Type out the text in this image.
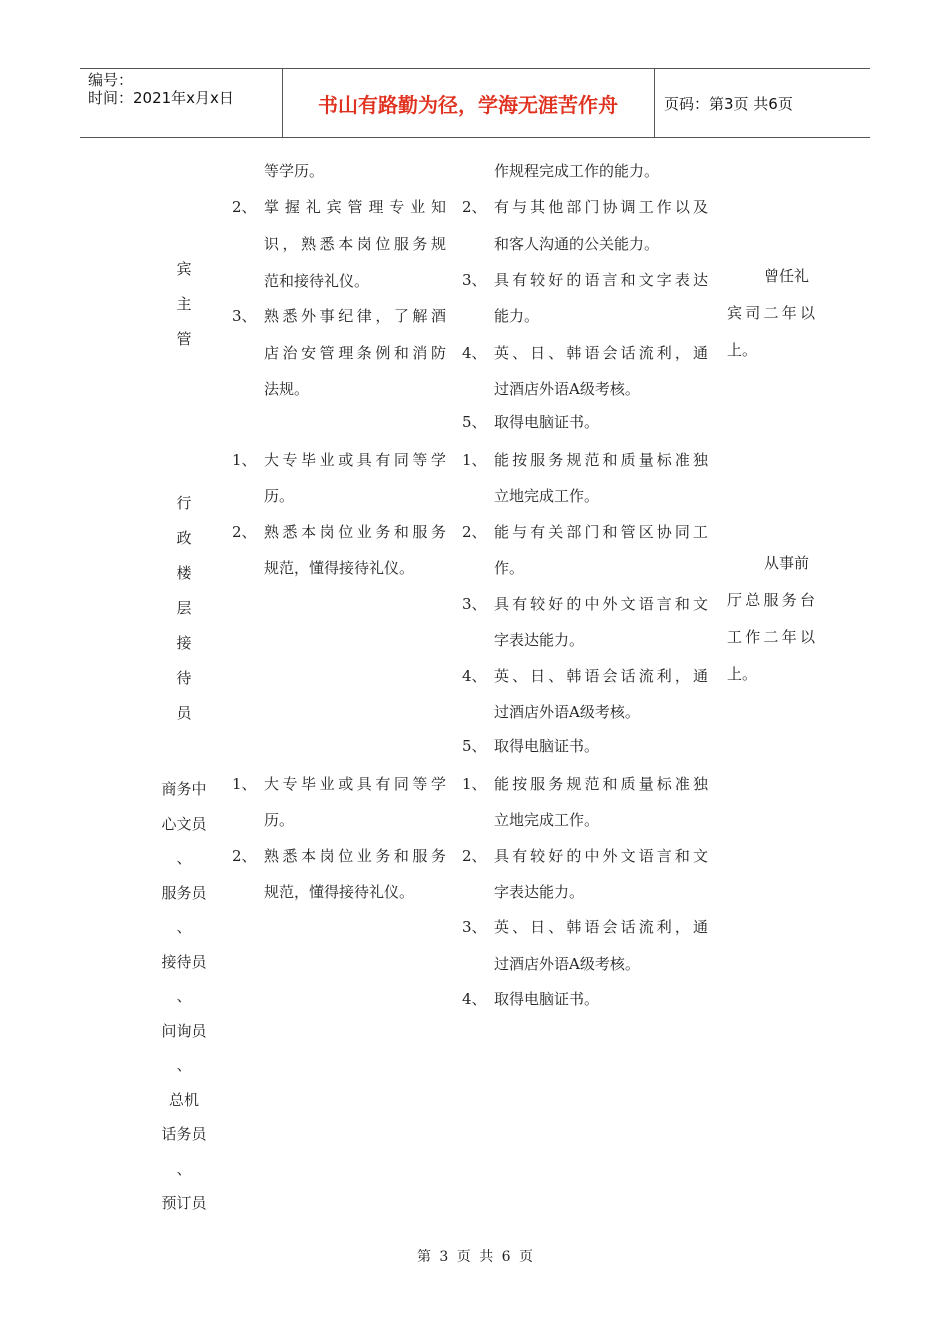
编号：
时间：2021年x月x日	书山有路勤为径，学海无涯苦作舟	页码：第3页 共6页
宾
主
管
等学历。
2、 掌握礼宾管理专业知
识，熟悉本岗位服务规
范和接待礼仪。
3、 熟悉外事纪律，了解酒
店治安管理条例和消防
法规。
作规程完成工作的能力。
2、 有与其他部门协调工作以及
和客人沟通的公关能力。
3、 具有较好的语言和文字表达
能力。
4、 英、日、韩语会话流利，通
过酒店外语A级考核。
5、 取得电脑证书。
曾任礼
宾司二年以
上。
行
政
楼
层
接
待
员
1、 大专毕业或具有同等学
历。
2、 熟悉本岗位业务和服务
规范，懂得接待礼仪。
1、 能按服务规范和质量标准独
立地完成工作。
2、 能与有关部门和管区协同工
作。
3、 具有较好的中外文语言和文
字表达能力。
4、 英、日、韩语会话流利，通
过酒店外语A级考核。
5、 取得电脑证书。
从事前
厅总服务台
工作二年以
上。
商务中
心文员
、
服务员
、
接待员
、
问询员
、
总机
话务员
、
预订员
1、 大专毕业或具有同等学
历。
2、 熟悉本岗位业务和服务
规范，懂得接待礼仪。
1、 能按服务规范和质量标准独
立地完成工作。
2、 具有较好的中外文语言和文
字表达能力。
3、 英、日、韩语会话流利，通
过酒店外语A级考核。
4、 取得电脑证书。
第 3 页 共 6 页
